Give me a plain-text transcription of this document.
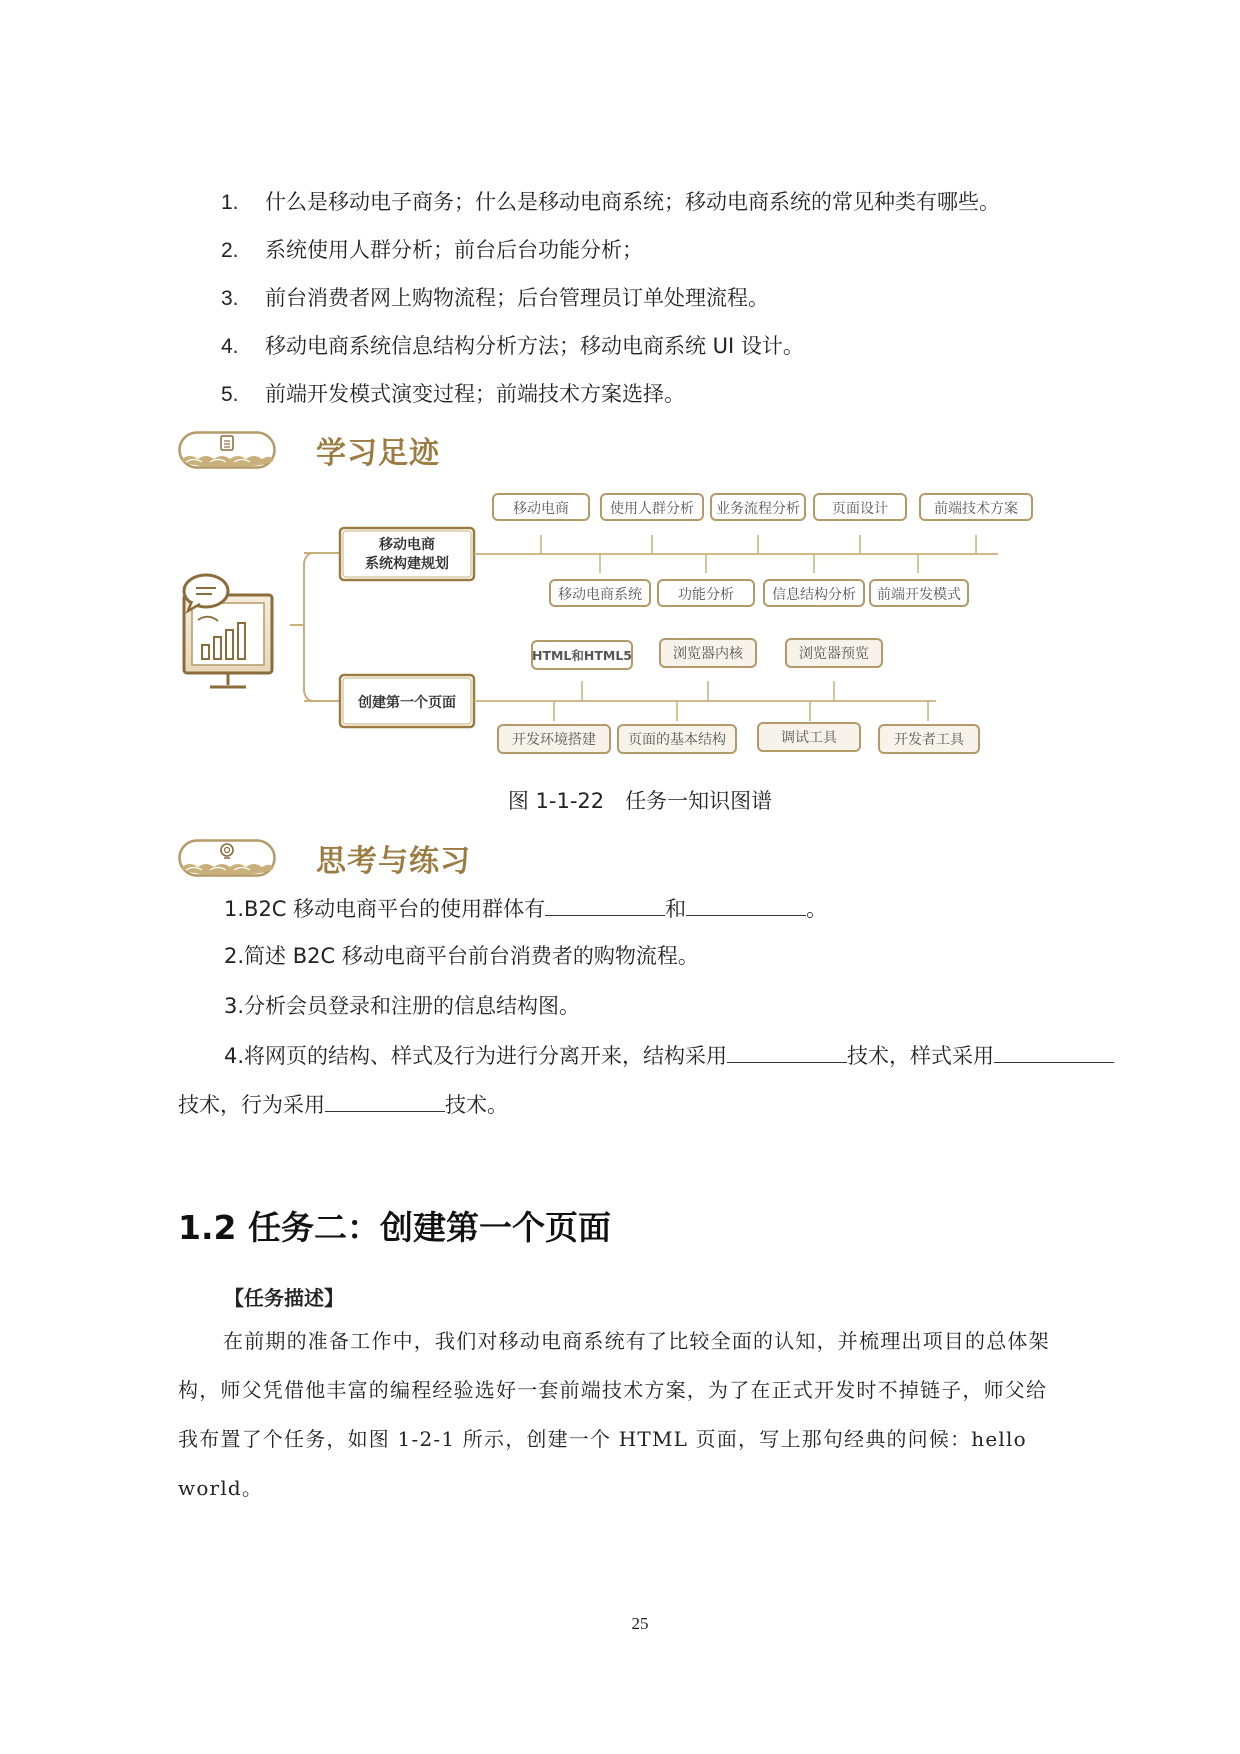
1. 什么是移动电子商务；什么是移动电商系统；移动电商系统的常见种类有哪些。
2. 系统使用人群分析；前台后台功能分析；
3. 前台消费者网上购物流程；后台管理员订单处理流程。
4. 移动电商系统信息结构分析方法；移动电商系统 UI 设计。
5. 前端开发模式演变过程；前端技术方案选择。
学习足迹
移动电商
系统构建规划
移动电商	使用人群分析 业务流程分析 页面设计	前端技术方案
移动电商系统	功能分析	信息结构分析 前端开发模式
创建第一个页面
HTML和HTML5	浏览器内核	浏览器预览
开发环境搭建 页面的基本结构	调试工具	开发者工具
图 1-1-22　任务一知识图谱
思考与练习
1.B2C 移动电商平台的使用群体有	和	。
2.简述 B2C 移动电商平台前台消费者的购物流程。
3.分析会员登录和注册的信息结构图。
4.将网页的结构、样式及行为进行分离开来，结构采用	技术，样式采用
技术，行为采用	技术。
1.2 任务二：创建第一个页面
【任务描述】
在前期的准备工作中，我们对移动电商系统有了比较全面的认知，并梳理出项目的总体架构，师父凭借他丰富的编程经验选好一套前端技术方案，为了在正式开发时不掉链子，师父给我布置了个任务，如图 1-2-1 所示，创建一个 HTML 页面，写上那句经典的问候：hello world。
25
